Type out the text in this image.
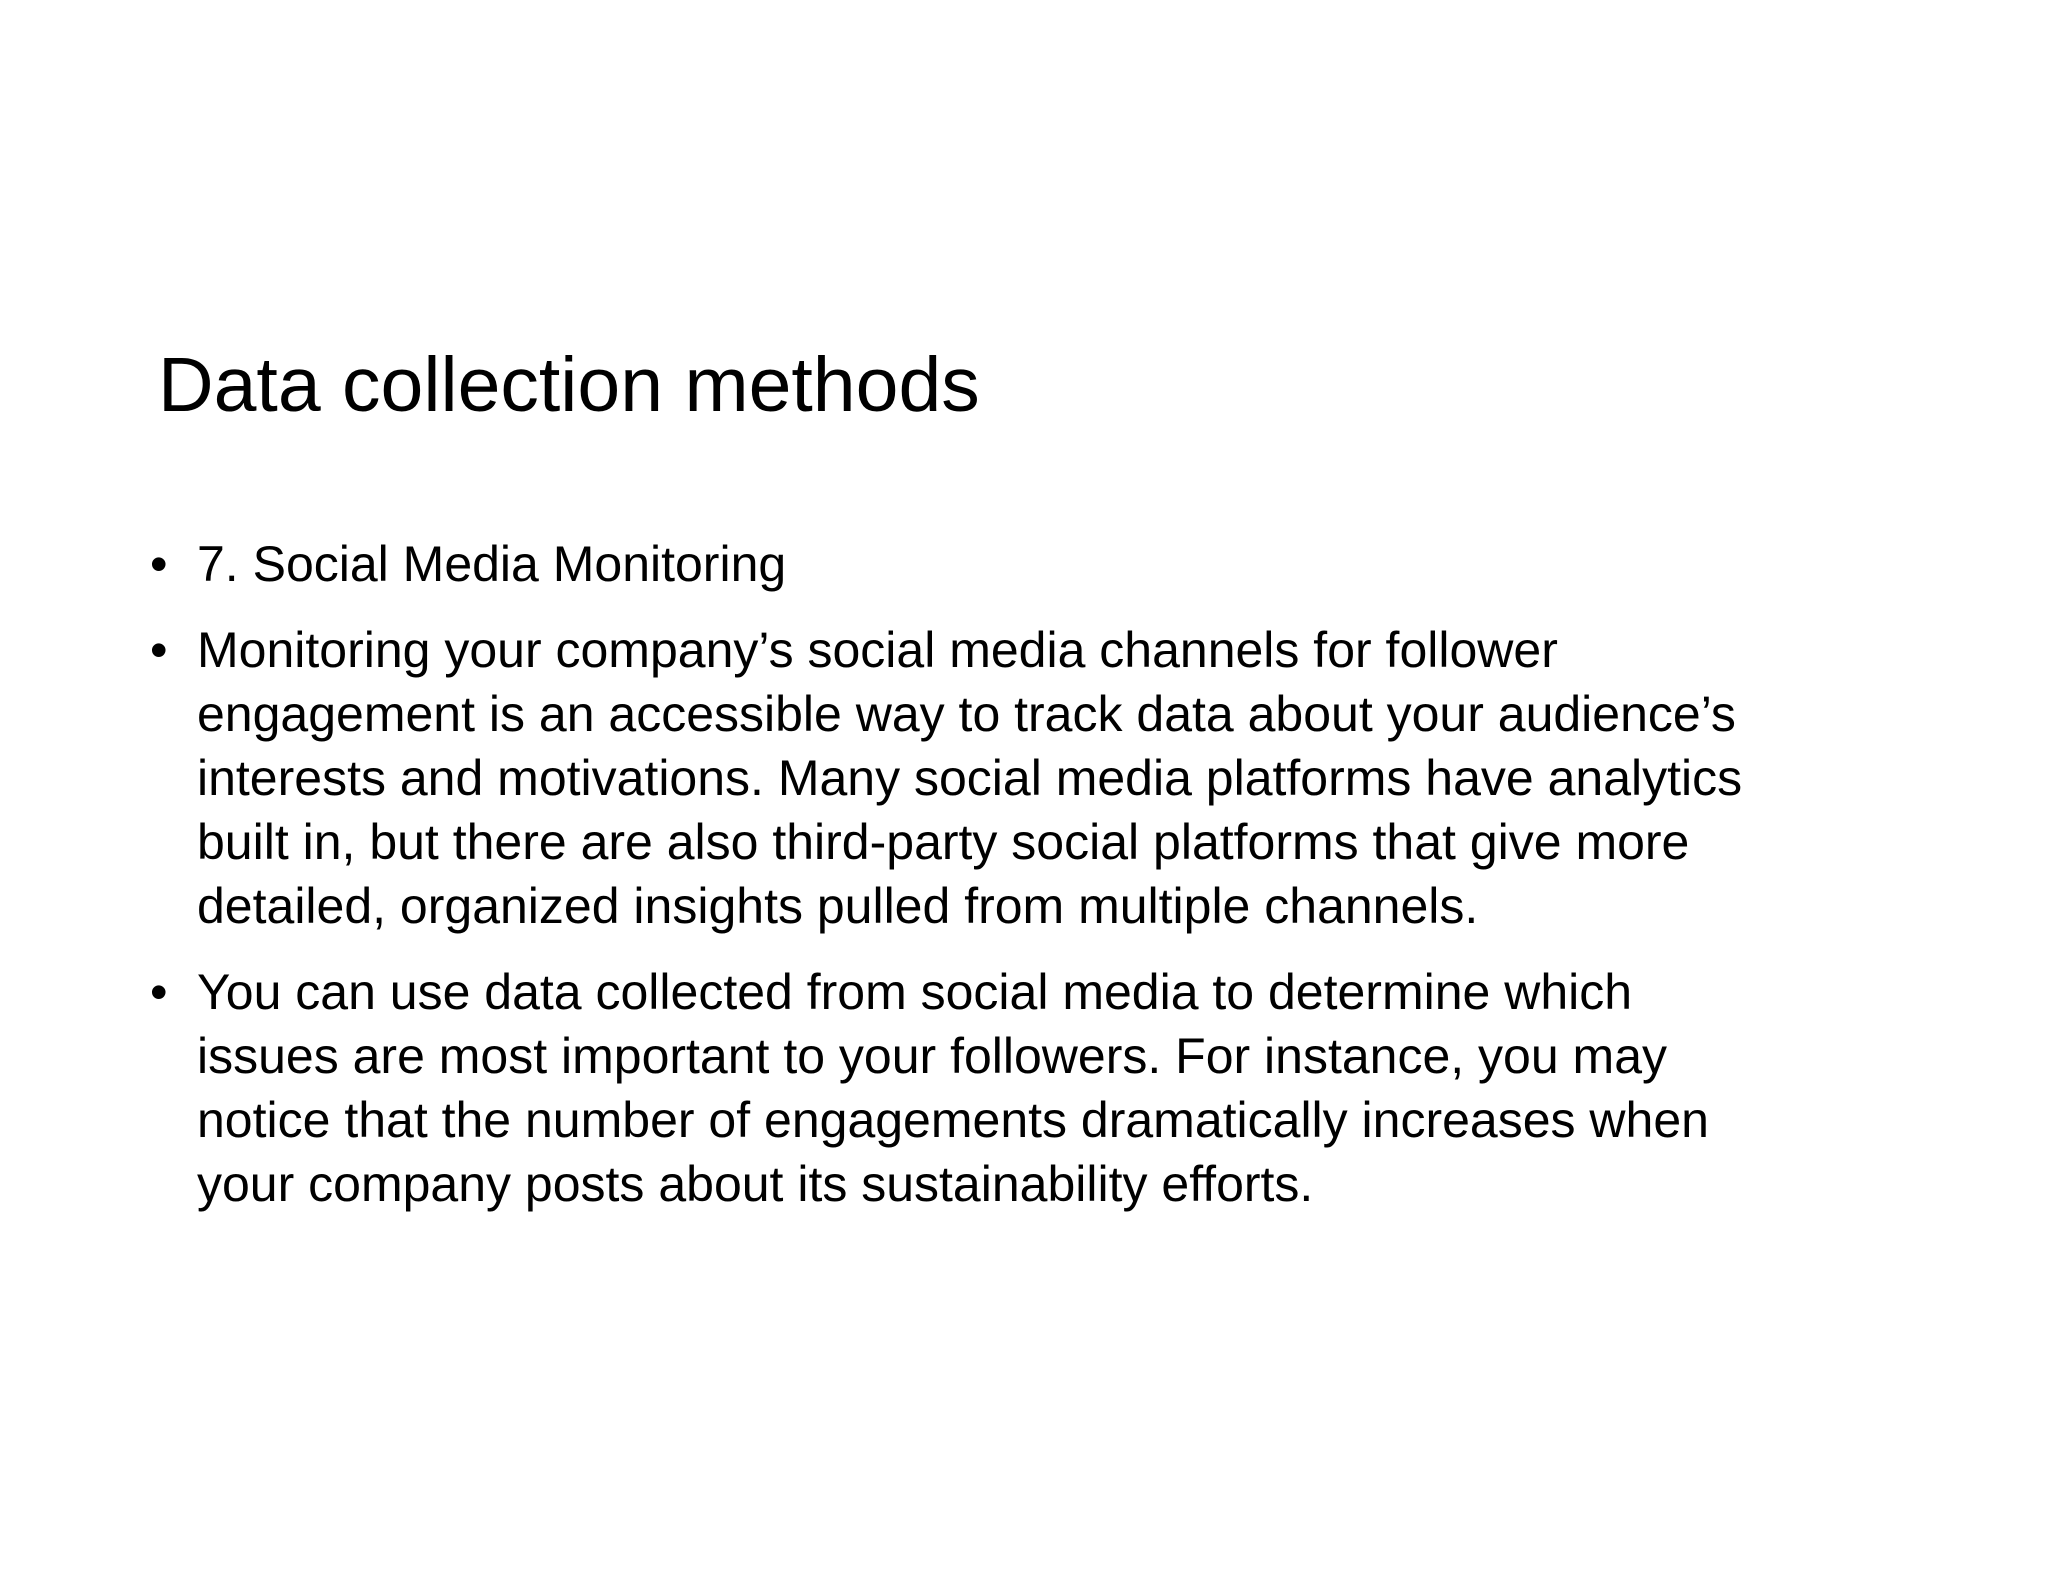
Data collection methods
• 7. Social Media Monitoring
• Monitoring your company’s social media channels for follower
engagement is an accessible way to track data about your audience’s
interests and motivations. Many social media platforms have analytics
built in, but there are also third-party social platforms that give more
detailed, organized insights pulled from multiple channels.
• You can use data collected from social media to determine which
issues are most important to your followers. For instance, you may
notice that the number of engagements dramatically increases when
your company posts about its sustainability efforts.
